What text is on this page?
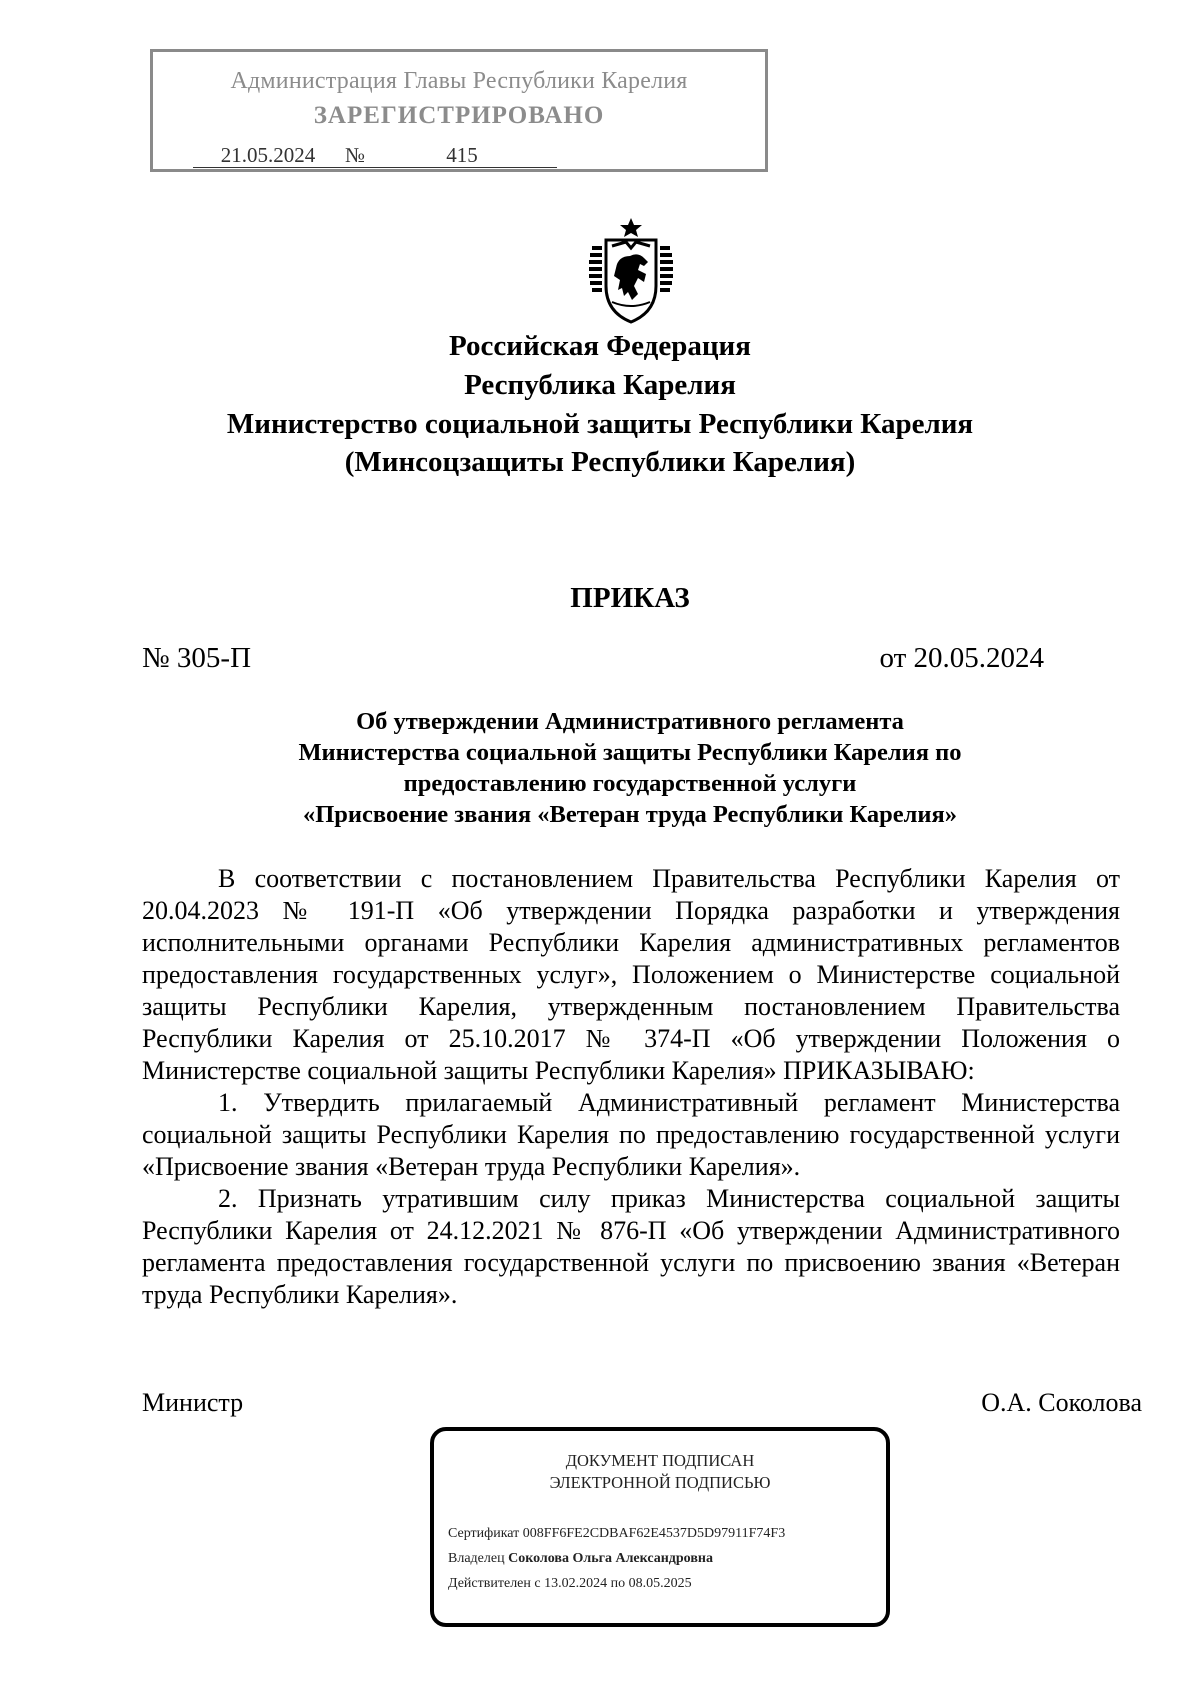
Администрация Главы Республики Карелия
ЗАРЕГИСТРИРОВАНО
21.05.2024 №	415
Российская Федерация
Республика Карелия
Министерство социальной защиты Республики Карелия
(Минсоцзащиты Республики Карелия)
ПРИКАЗ
№ 305-П	от 20.05.2024
Об утверждении Административного регламента
Министерства социальной защиты Республики Карелия по
предоставлению государственной услуги
«Присвоение звания «Ветеран труда Республики Карелия»

В соответствии с постановлением Правительства Республики Карелия от 20.04.2023 № 191-П «Об утверждении Порядка разработки и утверждения исполнительными органами Республики Карелия административных регламентов предоставления государственных услуг», Положением о Министерстве социальной защиты Республики Карелия, утвержденным постановлением Правительства Республики Карелия от 25.10.2017 № 374-П «Об утверждении Положения о Министерстве социальной защиты Республики Карелия» ПРИКАЗЫВАЮ:

1. Утвердить прилагаемый Административный регламент Министерства социальной защиты Республики Карелия по предоставлению государственной услуги «Присвоение звания «Ветеран труда Республики Карелия».

2. Признать утратившим силу приказ Министерства социальной защиты Республики Карелия от 24.12.2021 № 876-П «Об утверждении Административного регламента предоставления государственной услуги по присвоению звания «Ветеран труда Республики Карелия».

Министр	О.А. Соколова
ДОКУМЕНТ ПОДПИСАН
ЭЛЕКТРОННОЙ ПОДПИСЬЮ
Сертификат 008FF6FE2CDBAF62E4537D5D97911F74F3
Владелец Соколова Ольга Александровна
Действителен с 13.02.2024 по 08.05.2025
